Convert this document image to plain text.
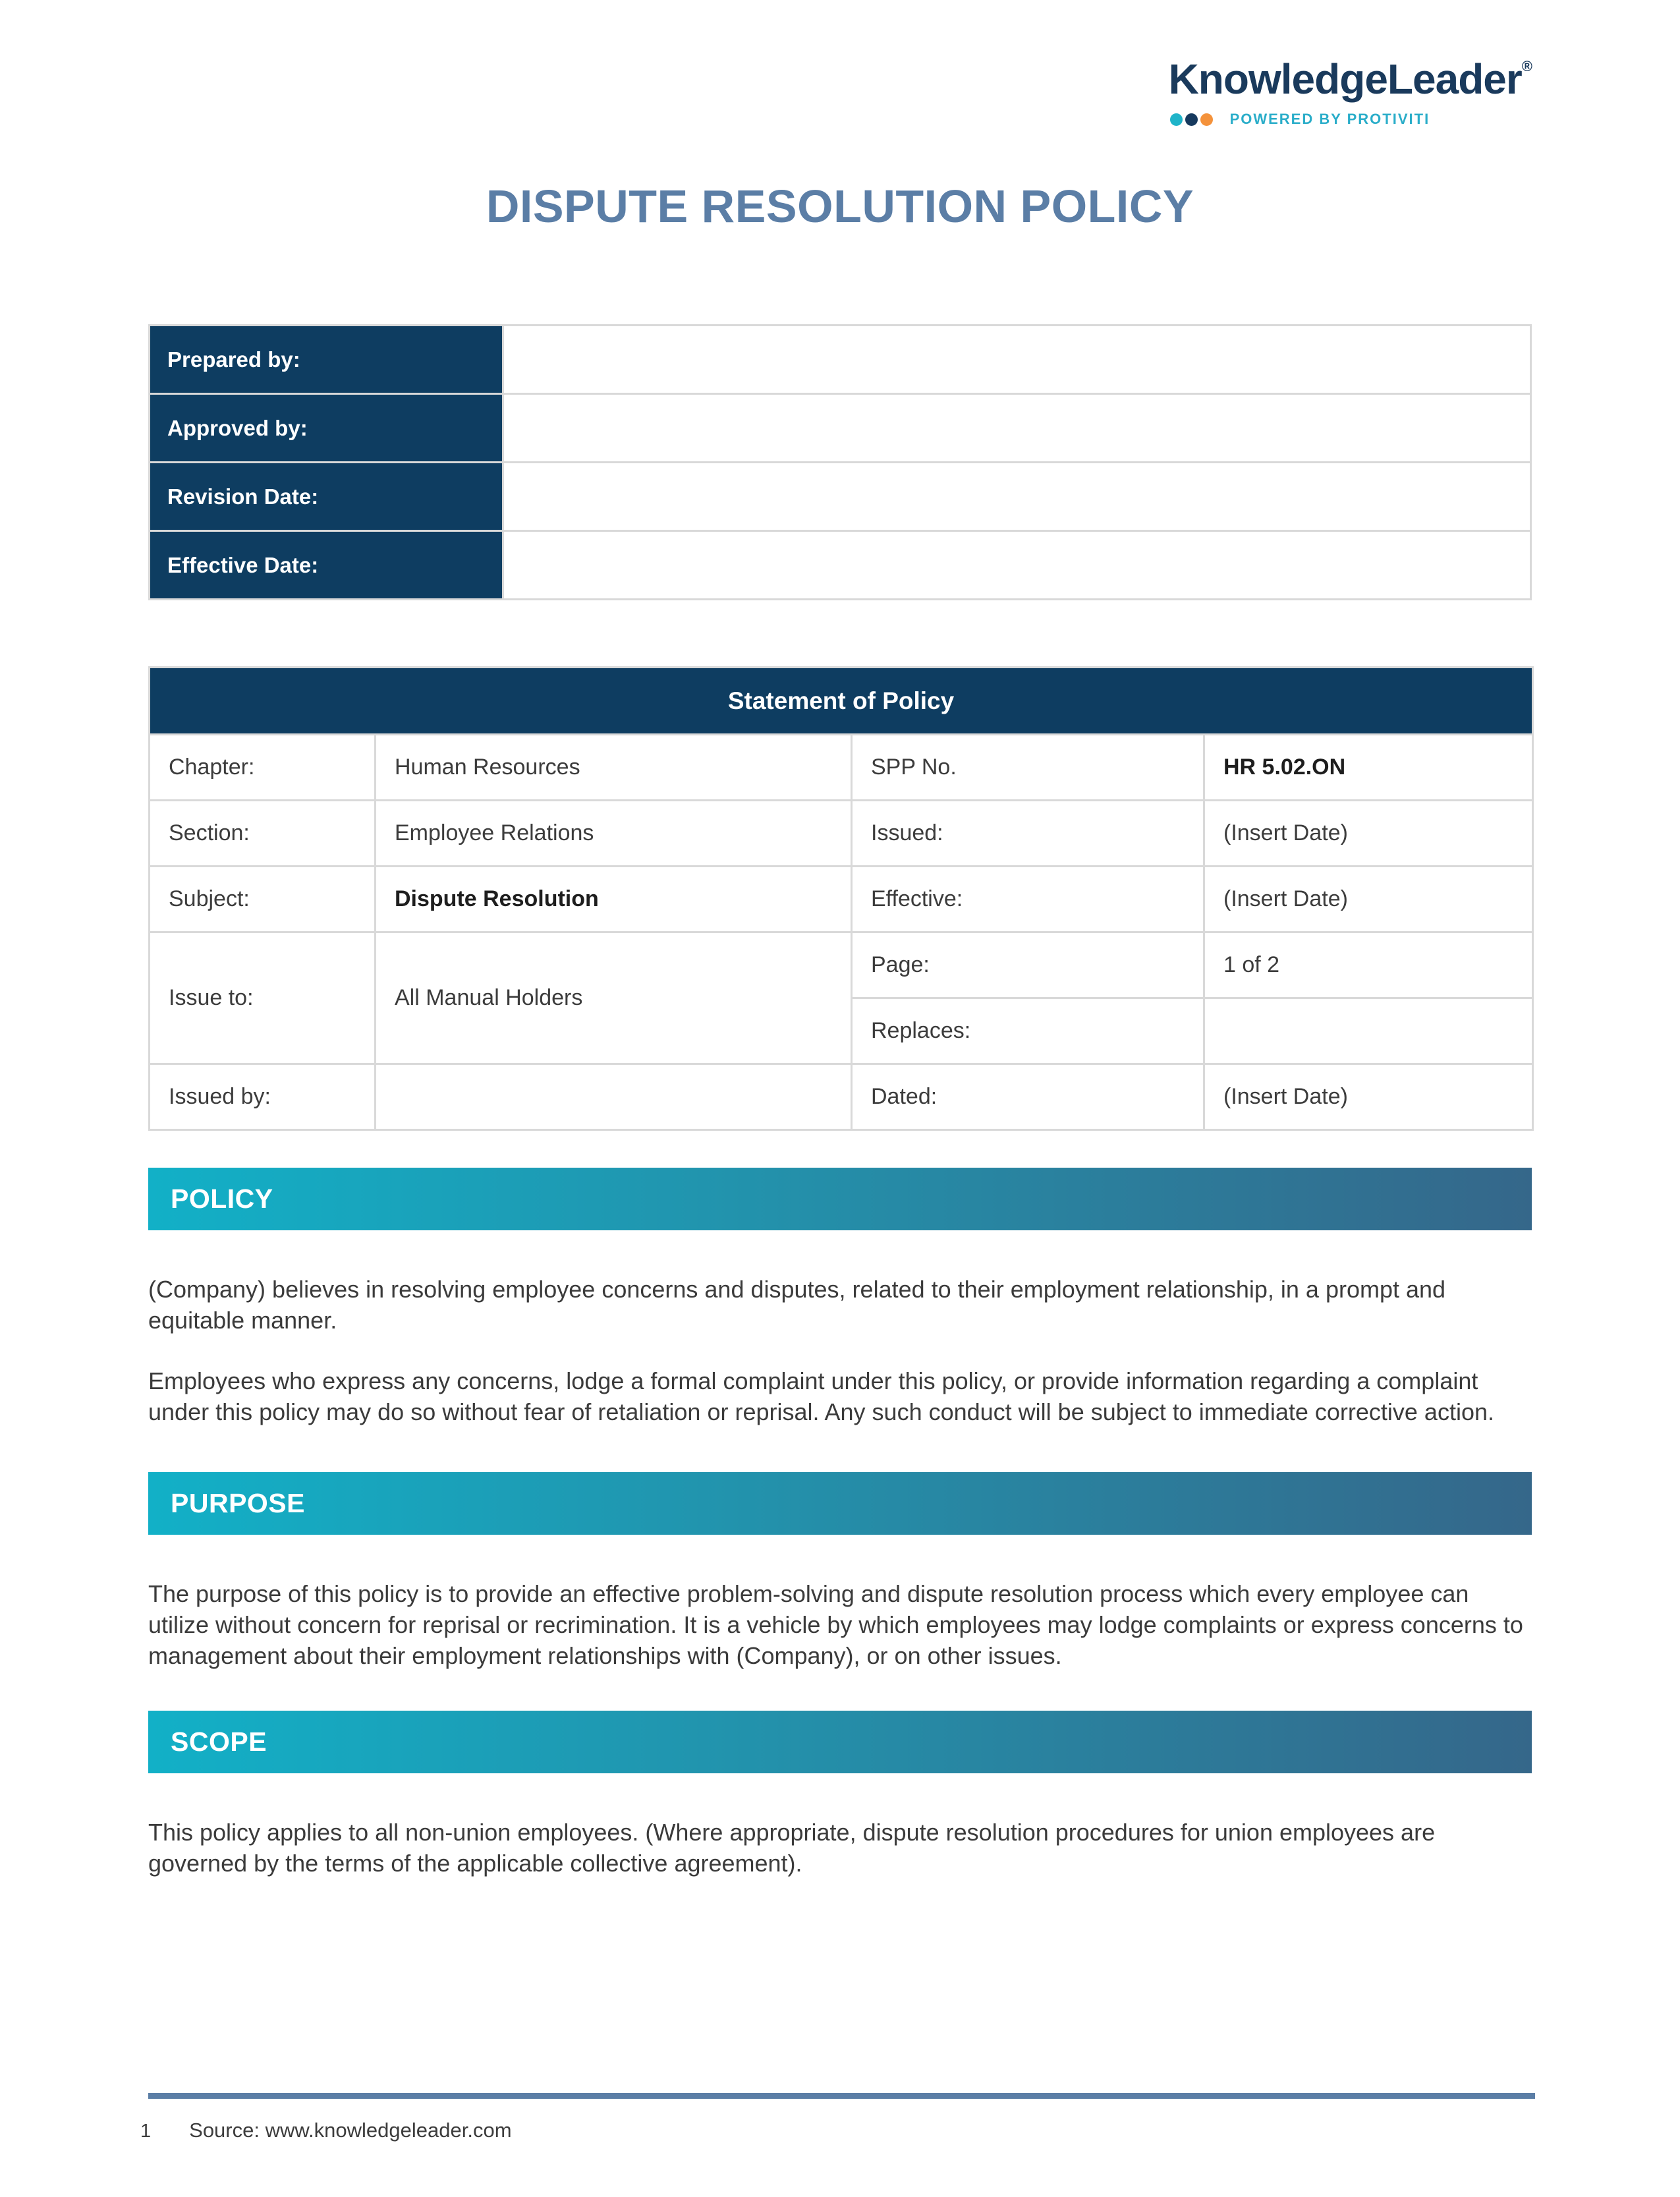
KnowledgeLeader®
POWERED BY PROTIVITI
DISPUTE RESOLUTION POLICY
Prepared by:	
Approved by:	
Revision Date:	
Effective Date:	
Statement of Policy			
Chapter:	Human Resources	SPP No.	HR 5.02.ON
Section:	Employee Relations	Issued:	(Insert Date)
Subject:	Dispute Resolution	Effective:	(Insert Date)
Issue to:	All Manual Holders	Page:	1 of 2
		Replaces:	
Issued by:		Dated:	(Insert Date)
POLICY

(Company) believes in resolving employee concerns and disputes, related to their employment relationship, in a prompt and equitable manner.

Employees who express any concerns, lodge a formal complaint under this policy, or provide information regarding a complaint under this policy may do so without fear of retaliation or reprisal. Any such conduct will be subject to immediate corrective action.

PURPOSE

The purpose of this policy is to provide an effective problem-solving and dispute resolution process which every employee can utilize without concern for reprisal or recrimination. It is a vehicle by which employees may lodge complaints or express concerns to management about their employment relationships with (Company), or on other issues.

SCOPE

This policy applies to all non-union employees. (Where appropriate, dispute resolution procedures for union employees are governed by the terms of the applicable collective agreement).

1 Source: www.knowledgeleader.com
